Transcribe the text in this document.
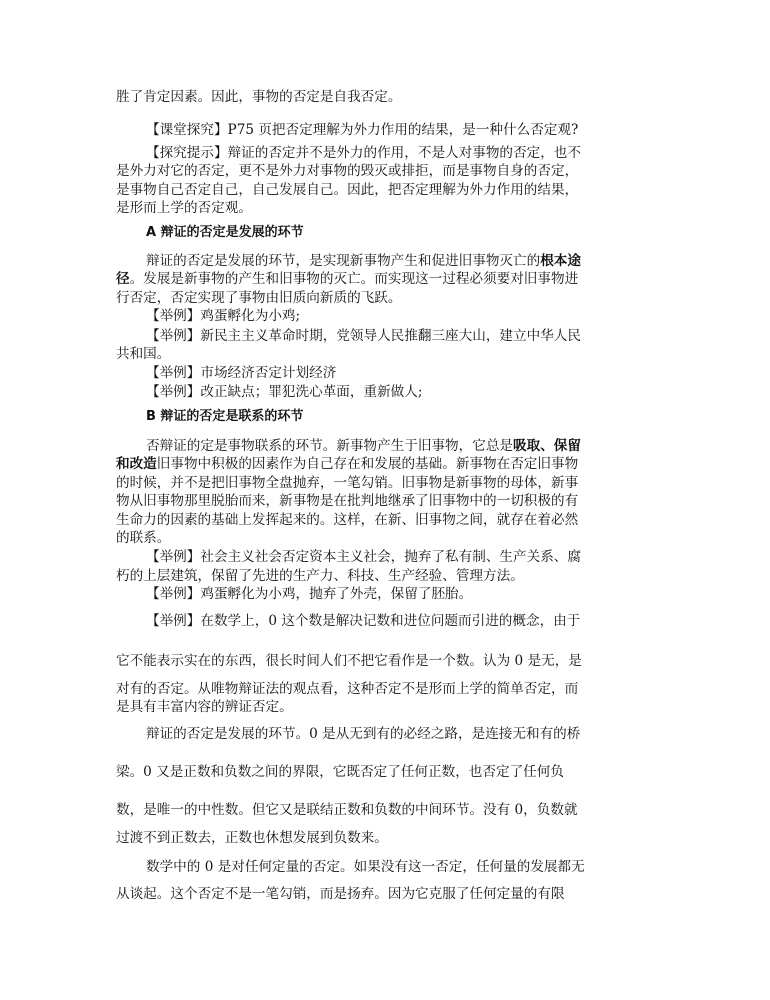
胜了肯定因素。因此，事物的否定是自我否定。
【课堂探究】P75 页把否定理解为外力作用的结果，是一种什么否定观?
【探究提示】辩证的否定并不是外力的作用，不是人对事物的否定，也不
是外力对它的否定，更不是外力对事物的毁灭或排拒，而是事物自身的否定，
是事物自己否定自己，自己发展自己。因此，把否定理解为外力作用的结果，
是形而上学的否定观。
A 辩证的否定是发展的环节
辩证的否定是发展的环节，是实现新事物产生和促进旧事物灭亡的根本途
径。发展是新事物的产生和旧事物的灭亡。而实现这一过程必须要对旧事物进
行否定，否定实现了事物由旧质向新质的飞跃。
【举例】鸡蛋孵化为小鸡;
【举例】新民主主义革命时期，党领导人民推翻三座大山，建立中华人民
共和国。
【举例】市场经济否定计划经济
【举例】改正缺点；罪犯洗心革面，重新做人;
B 辩证的否定是联系的环节
否辩证的定是事物联系的环节。新事物产生于旧事物，它总是吸取、保留
和改造旧事物中积极的因素作为自己存在和发展的基础。新事物在否定旧事物
的时候，并不是把旧事物全盘抛弃，一笔勾销。旧事物是新事物的母体，新事
物从旧事物那里脱胎而来，新事物是在批判地继承了旧事物中的一切积极的有
生命力的因素的基础上发挥起来的。这样，在新、旧事物之间，就存在着必然
的联系。
【举例】社会主义社会否定资本主义社会，抛弃了私有制、生产关系、腐
朽的上层建筑，保留了先进的生产力、科技、生产经验、管理方法。
【举例】鸡蛋孵化为小鸡，抛弃了外壳，保留了胚胎。
【举例】在数学上，0 这个数是解决记数和进位问题而引进的概念，由于
它不能表示实在的东西，很长时间人们不把它看作是一个数。认为 0 是无，是
对有的否定。从唯物辩证法的观点看，这种否定不是形而上学的简单否定，而
是具有丰富内容的辨证否定。
辩证的否定是发展的环节。0 是从无到有的必经之路，是连接无和有的桥
梁。0 又是正数和负数之间的界限，它既否定了任何正数，也否定了任何负
数，是唯一的中性数。但它又是联结正数和负数的中间环节。没有 0，负数就
过渡不到正数去，正数也休想发展到负数来。
数学中的 0 是对任何定量的否定。如果没有这一否定，任何量的发展都无
从谈起。这个否定不是一笔勾销，而是扬弃。因为它克服了任何定量的有限
